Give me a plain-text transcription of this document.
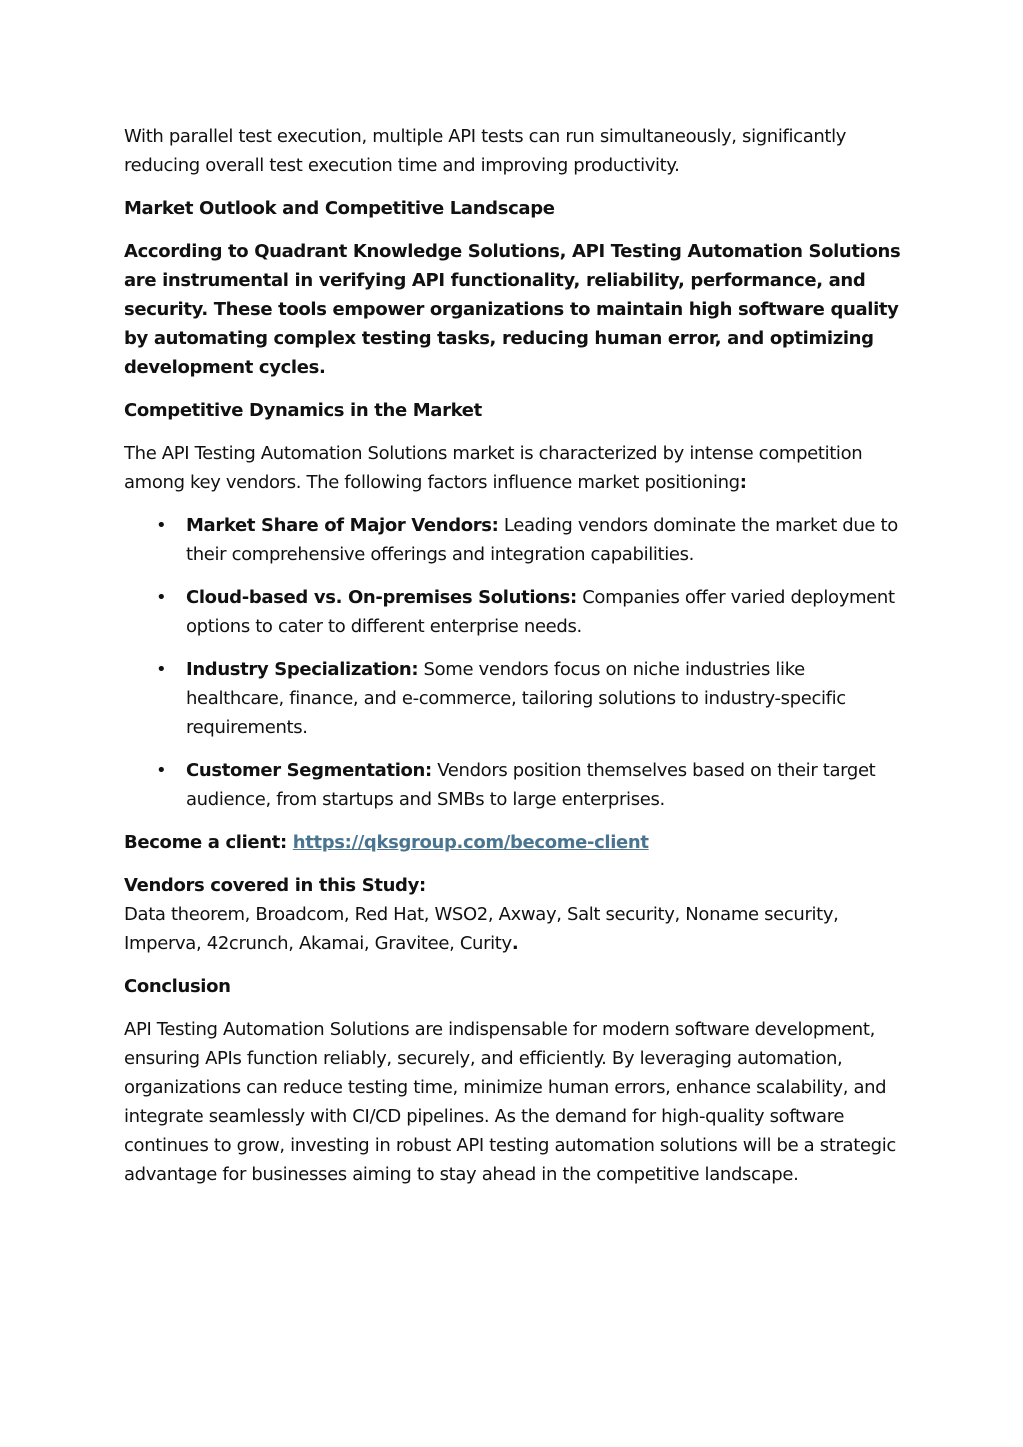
With parallel test execution, multiple API tests can run simultaneously, significantly reducing overall test execution time and improving productivity.

Market Outlook and Competitive Landscape

According to Quadrant Knowledge Solutions, API Testing Automation Solutions are instrumental in verifying API functionality, reliability, performance, and security. These tools empower organizations to maintain high software quality by automating complex testing tasks, reducing human error, and optimizing development cycles.

Competitive Dynamics in the Market

The API Testing Automation Solutions market is characterized by intense competition among key vendors. The following factors influence market positioning:

• Market Share of Major Vendors: Leading vendors dominate the market due to their comprehensive offerings and integration capabilities.
• Cloud-based vs. On-premises Solutions: Companies offer varied deployment options to cater to different enterprise needs.
• Industry Specialization: Some vendors focus on niche industries like healthcare, finance, and e-commerce, tailoring solutions to industry-specific requirements.
• Customer Segmentation: Vendors position themselves based on their target audience, from startups and SMBs to large enterprises.

Become a client: https://qksgroup.com/become-client

Vendors covered in this Study:
Data theorem, Broadcom, Red Hat, WSO2, Axway, Salt security, Noname security, Imperva, 42crunch, Akamai, Gravitee, Curity.

Conclusion

API Testing Automation Solutions are indispensable for modern software development, ensuring APIs function reliably, securely, and efficiently. By leveraging automation, organizations can reduce testing time, minimize human errors, enhance scalability, and integrate seamlessly with CI/CD pipelines. As the demand for high-quality software continues to grow, investing in robust API testing automation solutions will be a strategic advantage for businesses aiming to stay ahead in the competitive landscape.
